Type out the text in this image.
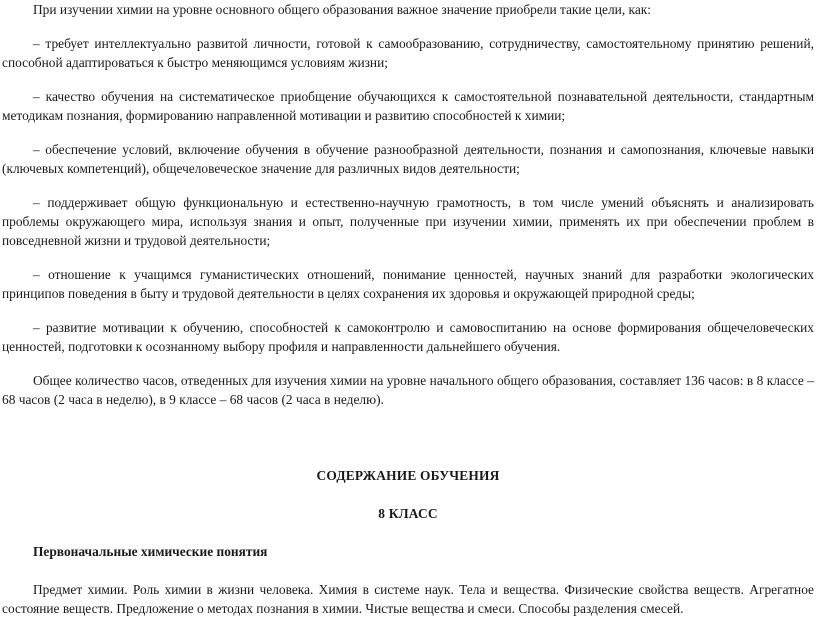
При изучении химии на уровне основного общего образования важное значение приобрели такие цели, как:

– требует интеллектуально развитой личности, готовой к самообразованию, сотрудничеству, самостоятельному принятию решений, способной адаптироваться к быстро меняющимся условиям жизни;

– качество обучения на систематическое приобщение обучающихся к самостоятельной познавательной деятельности, стандартным методикам познания, формированию направленной мотивации и развитию способностей к химии;

– обеспечение условий, включение обучения в обучение разнообразной деятельности, познания и самопознания, ключевые навыки (ключевых компетенций), общечеловеческое значение для различных видов деятельности;

– поддерживает общую функциональную и естественно-научную грамотность, в том числе умений объяснять и анализировать проблемы окружающего мира, используя знания и опыт, полученные при изучении химии, применять их при обеспечении проблем в повседневной жизни и трудовой деятельности;

– отношение к учащимся гуманистических отношений, понимание ценностей, научных знаний для разработки экологических принципов поведения в быту и трудовой деятельности в целях сохранения их здоровья и окружающей природной среды;

– развитие мотивации к обучению, способностей к самоконтролю и самовоспитанию на основе формирования общечеловеческих ценностей, подготовки к осознанному выбору профиля и направленности дальнейшего обучения.

Общее количество часов, отведенных для изучения химии на уровне начального общего образования, составляет 136 часов: в 8 классе – 68 часов (2 часа в неделю), в 9 классе – 68 часов (2 часа в неделю).

СОДЕРЖАНИЕ ОБУЧЕНИЯ

8 КЛАСС

Первоначальные химические понятия

Предмет химии. Роль химии в жизни человека. Химия в системе наук. Тела и вещества. Физические свойства веществ. Агрегатное состояние веществ. Предложение о методах познания в химии. Чистые вещества и смеси. Способы разделения смесей.
